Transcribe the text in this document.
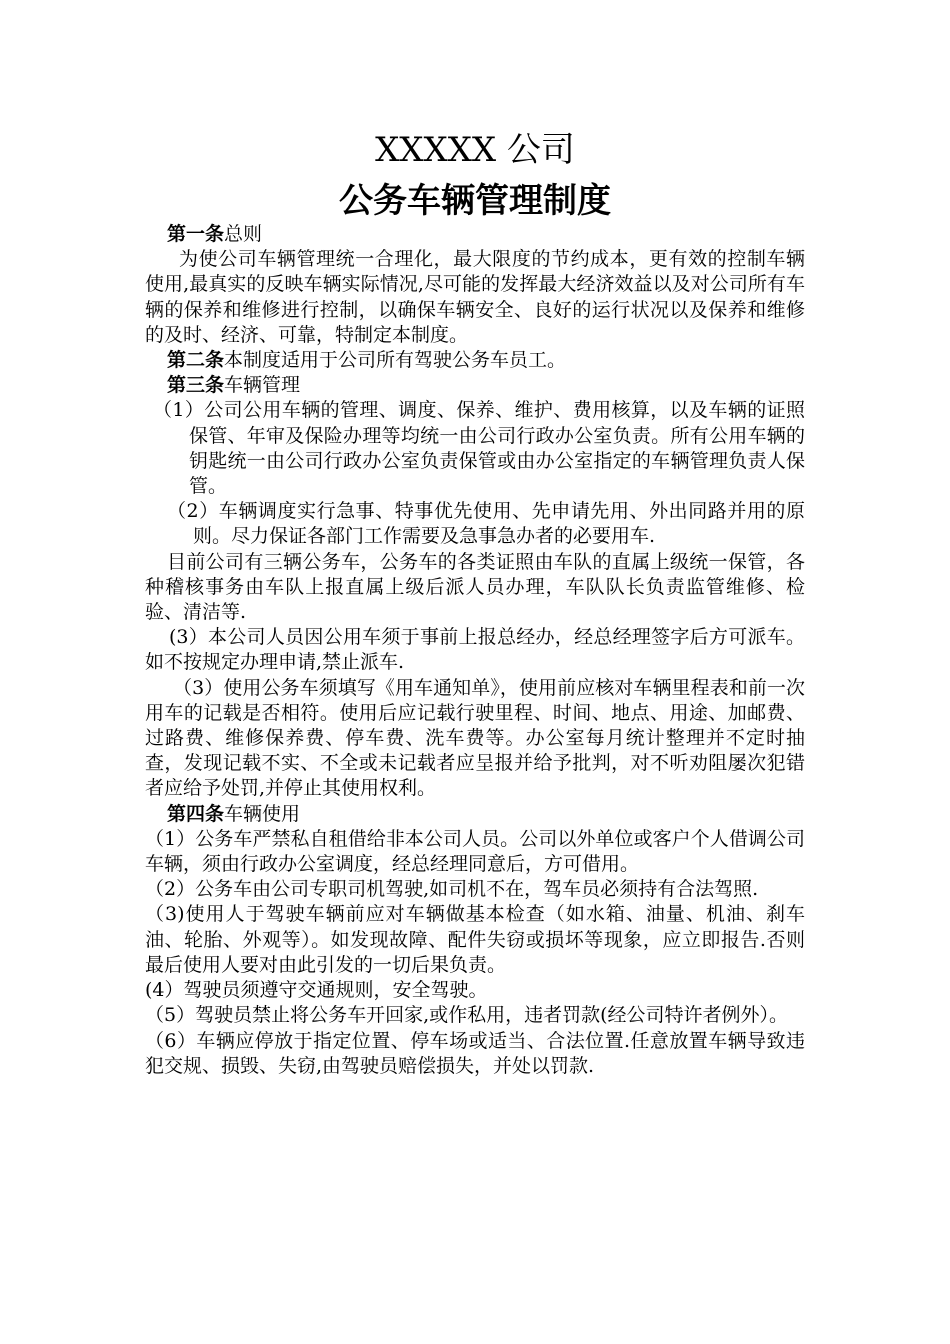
XXXXX 公司
公务车辆管理制度

第一条总则

为使公司车辆管理统一合理化，最大限度的节约成本，更有效的控制车辆使用,最真实的反映车辆实际情况,尽可能的发挥最大经济效益以及对公司所有车辆的保养和维修进行控制，以确保车辆安全、良好的运行状况以及保养和维修的及时、经济、可靠，特制定本制度。

第二条本制度适用于公司所有驾驶公务车员工。

第三条车辆管理

（1）公司公用车辆的管理、调度、保养、维护、费用核算，以及车辆的证照保管、年审及保险办理等均统一由公司行政办公室负责。所有公用车辆的钥匙统一由公司行政办公室负责保管或由办公室指定的车辆管理负责人保管。

（2）车辆调度实行急事、特事优先使用、先申请先用、外出同路并用的原则。尽力保证各部门工作需要及急事急办者的必要用车.

目前公司有三辆公务车，公务车的各类证照由车队的直属上级统一保管，各种稽核事务由车队上报直属上级后派人员办理，车队队长负责监管维修、检验、清洁等.

(3）本公司人员因公用车须于事前上报总经办，经总经理签字后方可派车。如不按规定办理申请,禁止派车.

（3）使用公务车须填写《用车通知单》，使用前应核对车辆里程表和前一次用车的记载是否相符。使用后应记载行驶里程、时间、地点、用途、加邮费、过路费、维修保养费、停车费、洗车费等。办公室每月统计整理并不定时抽查，发现记载不实、不全或未记载者应呈报并给予批判，对不听劝阻屡次犯错者应给予处罚,并停止其使用权利。

第四条车辆使用

（1）公务车严禁私自租借给非本公司人员。公司以外单位或客户个人借调公司车辆，须由行政办公室调度，经总经理同意后，方可借用。

（2）公务车由公司专职司机驾驶,如司机不在，驾车员必须持有合法驾照.

（3)使用人于驾驶车辆前应对车辆做基本检查（如水箱、油量、机油、刹车油、轮胎、外观等）。如发现故障、配件失窃或损坏等现象，应立即报告.否则最后使用人要对由此引发的一切后果负责。

(4）驾驶员须遵守交通规则，安全驾驶。

（5）驾驶员禁止将公务车开回家,或作私用，违者罚款(经公司特许者例外）。

（6）车辆应停放于指定位置、停车场或适当、合法位置.任意放置车辆导致违犯交规、损毁、失窃,由驾驶员赔偿损失，并处以罚款.
